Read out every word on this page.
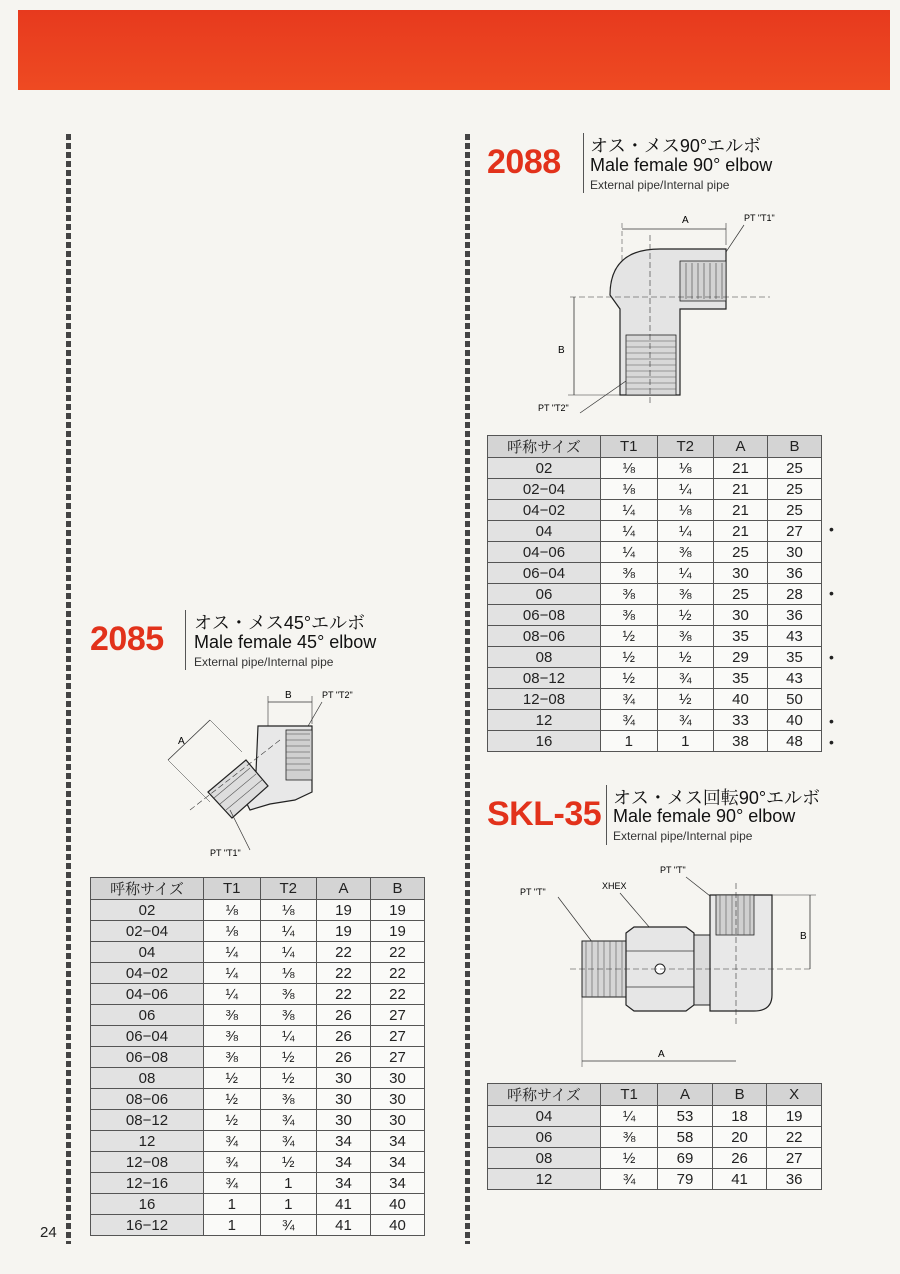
24
2085 オス・メス45°エルボ
Male female 45° elbow
External pipe/Internal pipe
B	PT "T2"
A
PT "T1"
呼称サイズ	T1	T2	A	B
02	⅛	⅛	19	19
02−04	⅛	¼	19	19
04	¼	¼	22	22
04−02	¼	⅛	22	22
04−06	¼	⅜	22	22
06	⅜	⅜	26	27
06−04	⅜	¼	26	27
06−08	⅜	½	26	27
08	½	½	30	30
08−06	½	⅜	30	30
08−12	½	¾	30	30
12	¾	¾	34	34
12−08	¾	½	34	34
12−16	¾	1	34	34
16	1	1	41	40
16−12	1	¾	41	40
2088 オス・メス90°エルボ
Male female 90° elbow
External pipe/Internal pipe
A	PT "T1"
B
PT "T2"
呼称サイズ	T1	T2	A	B
02	⅛	⅛	21	25
02−04	⅛	¼	21	25
04−02	¼	⅛	21	25
04	¼	¼	21	27
04−06	¼	⅜	25	30
06−04	⅜	¼	30	36
06	⅜	⅜	25	28
06−08	⅜	½	30	36
08−06	½	⅜	35	43
08	½	½	29	35
08−12	½	¾	35	43
12−08	¾	½	40	50
12	¾	¾	33	40
16	1	1	38	48
•
•
•
•
•
SKL-35 オス・メス回転90°エルボ
Male female 90° elbow
External pipe/Internal pipe
PT "T"
XHEX
PT "T"
B
A
呼称サイズ	T1	A	B	X
04	¼	53	18	19
06	⅜	58	20	22
08	½	69	26	27
12	¾	79	41	36
